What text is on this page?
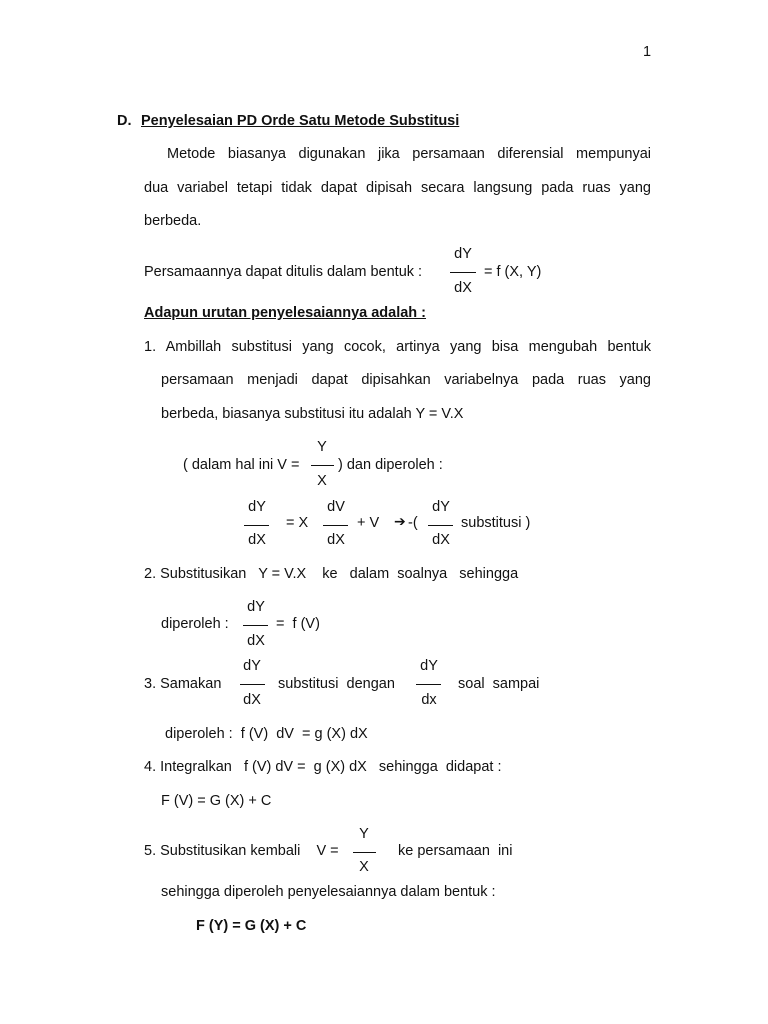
1
D. Penyelesaian PD Orde Satu Metode Substitusi
Metode biasanya digunakan jika persamaan diferensial mempunyai
dua variabel tetapi tidak dapat dipisah secara langsung pada ruas yang
berbeda.
Persamaannya dapat ditulis dalam bentuk :
dY
dX
= f (X, Y)
Adapun urutan penyelesaiannya adalah :
1. Ambillah substitusi yang cocok, artinya yang bisa mengubah bentuk
persamaan menjadi dapat dipisahkan variabelnya pada ruas yang
berbeda, biasanya substitusi itu adalah Y = V.X
( dalam hal ini V =
Y
X
) dan diperoleh :
dY
dX
= X
dV
dX
+ V ➔ -(
dY
dX
substitusi )
2. Substitusikan   Y = V.X    ke   dalam  soalnya   sehingga
diperoleh :
dY
dX
=  f (V)
3. Samakan
dY
dX
substitusi  dengan
dY
dx
soal  sampai
diperoleh :  f (V)  dV  = g (X) dX
4. Integralkan   f (V) dV =  g (X) dX   sehingga  didapat :
F (V) = G (X) + C
5. Substitusikan kembali    V =
Y
X
ke persamaan  ini
sehingga diperoleh penyelesaiannya dalam bentuk :
F (Y) = G (X) + C
